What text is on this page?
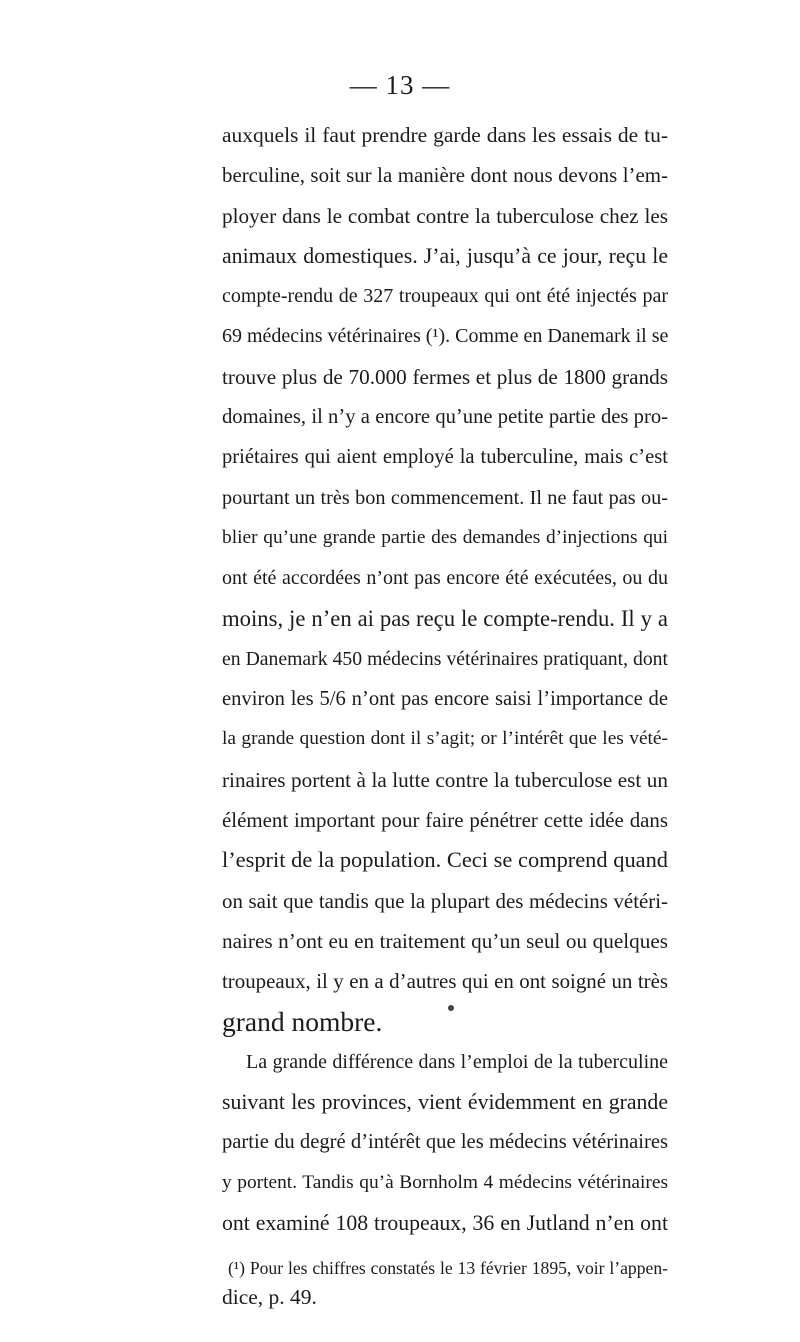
— 13 —
auxquels il faut prendre garde dans les essais de tu-
berculine, soit sur la manière dont nous devons l’em-
ployer dans le combat contre la tuberculose chez les
animaux domestiques. J’ai, jusqu’à ce jour, reçu le
compte-rendu de 327 troupeaux qui ont été injectés par
69 médecins vétérinaires (¹). Comme en Danemark il se
trouve plus de 70.000 fermes et plus de 1800 grands
domaines, il n’y a encore qu’une petite partie des pro-
priétaires qui aient employé la tuberculine, mais c’est
pourtant un très bon commencement. Il ne faut pas ou-
blier qu’une grande partie des demandes d’injections qui
ont été accordées n’ont pas encore été exécutées, ou du
moins, je n’en ai pas reçu le compte-rendu. Il y a
en Danemark 450 médecins vétérinaires pratiquant, dont
environ les 5/6 n’ont pas encore saisi l’importance de
la grande question dont il s’agit; or l’intérêt que les vété-
rinaires portent à la lutte contre la tuberculose est un
élément important pour faire pénétrer cette idée dans
l’esprit de la population. Ceci se comprend quand
on sait que tandis que la plupart des médecins vétéri-
naires n’ont eu en traitement qu’un seul ou quelques
troupeaux, il y en a d’autres qui en ont soigné un très
grand nombre.
La grande différence dans l’emploi de la tuberculine
suivant les provinces, vient évidemment en grande
partie du degré d’intérêt que les médecins vétérinaires
y portent. Tandis qu’à Bornholm 4 médecins vétérinaires
ont examiné 108 troupeaux, 36 en Jutland n’en ont
(¹) Pour les chiffres constatés le 13 février 1895, voir l’appen-
dice, p. 49.
